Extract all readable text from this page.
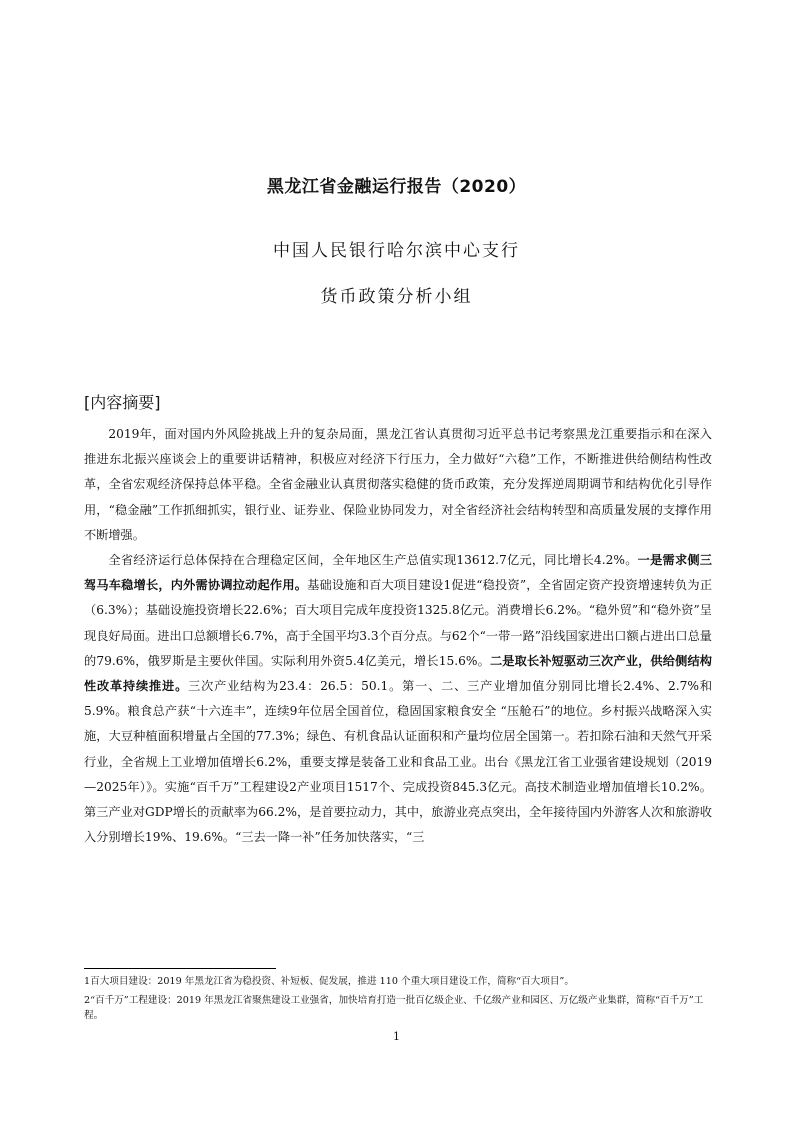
黑龙江省金融运行报告（2020）
中国人民银行哈尔滨中心支行
货币政策分析小组
[内容摘要]

2019年，面对国内外风险挑战上升的复杂局面，黑龙江省认真贯彻习近平总书记考察黑龙江重要指示和在深入推进东北振兴座谈会上的重要讲话精神，积极应对经济下行压力，全力做好“六稳”工作，不断推进供给侧结构性改革，全省宏观经济保持总体平稳。全省金融业认真贯彻落实稳健的货币政策，充分发挥逆周期调节和结构优化引导作用，“稳金融”工作抓细抓实，银行业、证券业、保险业协同发力，对全省经济社会结构转型和高质量发展的支撑作用不断增强。

全省经济运行总体保持在合理稳定区间，全年地区生产总值实现13612.7亿元，同比增长4.2%。一是需求侧三驾马车稳增长，内外需协调拉动起作用。基础设施和百大项目建设1促进“稳投资”，全省固定资产投资增速转负为正（6.3%）；基础设施投资增长22.6%；百大项目完成年度投资1325.8亿元。消费增长6.2%。“稳外贸”和“稳外资”呈现良好局面。进出口总额增长6.7%，高于全国平均3.3个百分点。与62个“一带一路”沿线国家进出口额占进出口总量的79.6%，俄罗斯是主要伙伴国。实际利用外资5.4亿美元，增长15.6%。二是取长补短驱动三次产业，供给侧结构性改革持续推进。三次产业结构为23.4：26.5：50.1。第一、二、三产业增加值分别同比增长2.4%、2.7%和5.9%。粮食总产获“十六连丰”，连续9年位居全国首位，稳固国家粮食安全 “压舱石”的地位。乡村振兴战略深入实施，大豆种植面积增量占全国的77.3%；绿色、有机食品认证面积和产量均位居全国第一。若扣除石油和天然气开采行业，全省规上工业增加值增长6.2%，重要支撑是装备工业和食品工业。出台《黑龙江省工业强省建设规划（2019—2025年）》。实施“百千万”工程建设2产业项目1517个、完成投资845.3亿元。高技术制造业增加值增长10.2%。第三产业对GDP增长的贡献率为66.2%，是首要拉动力，其中，旅游业亮点突出，全年接待国内外游客人次和旅游收入分别增长19%、19.6%。“三去一降一补”任务加快落实，“三

1百大项目建设：2019 年黑龙江省为稳投资、补短板、促发展，推进 110 个重大项目建设工作，简称“百大项目”。
2“百千万”工程建设：2019 年黑龙江省聚焦建设工业强省，加快培育打造一批百亿级企业、千亿级产业和园区、万亿级产业集群，简称“百千万”工程。
1
